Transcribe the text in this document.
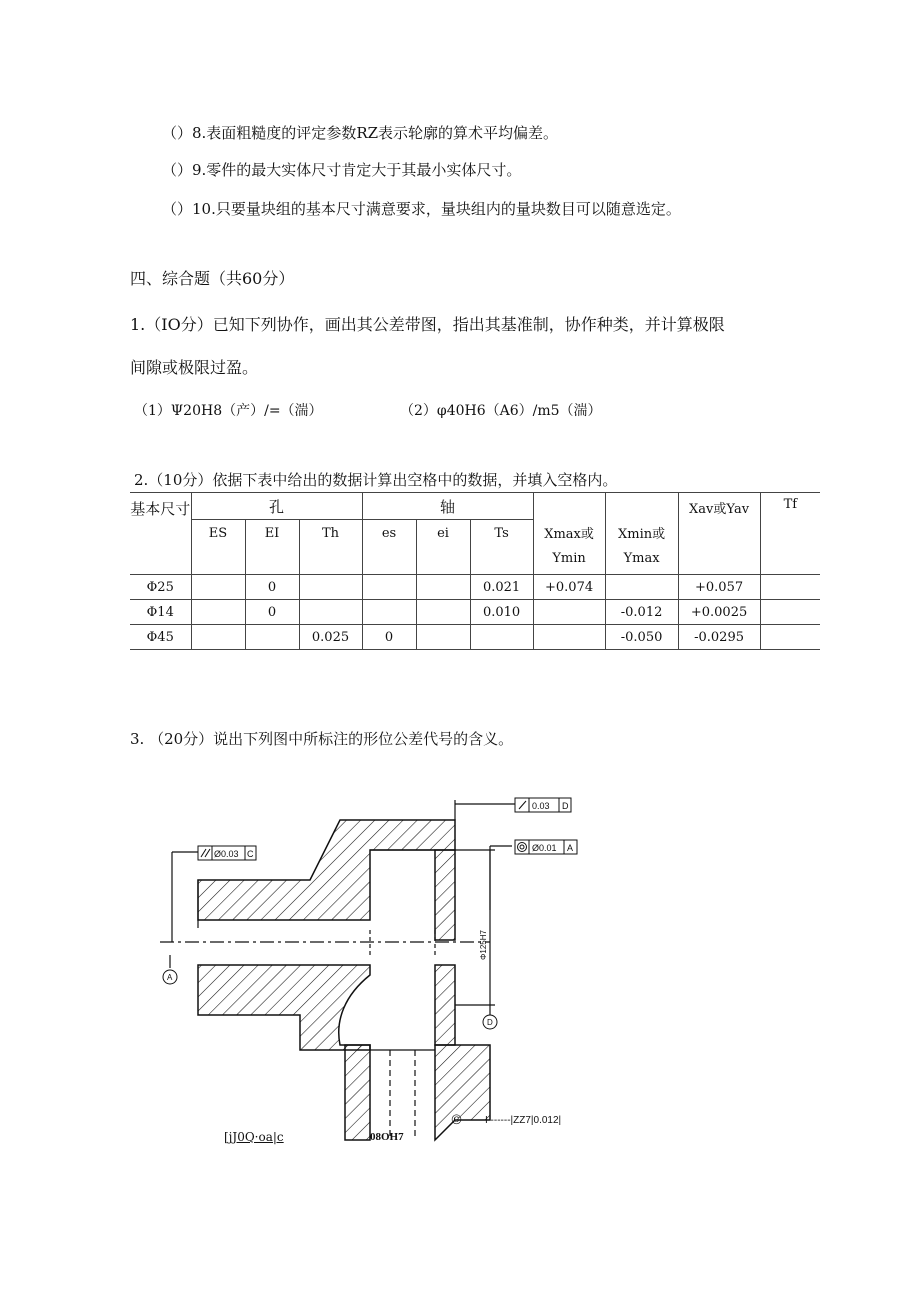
（）8.表面粗糙度的评定参数RZ表示轮廓的算术平均偏差。
（）9.零件的最大实体尺寸肯定大于其最小实体尺寸。
（）10.只要量块组的基本尺寸满意要求，量块组内的量块数目可以随意选定。
四、综合题（共60分）
1.（IO分）已知下列协作，画出其公差带图，指出其基准制，协作种类，并计算极限
间隙或极限过盈。
（1）Ψ20H8（产）/=（湍）	（2）φ40H6（A6）/m5（湍）
2.（10分）依据下表中给出的数据计算出空格中的数据，并填入空格内。
基本尺寸	孔			轴			Xmax或Ymin	Xmin或Ymax	Xav或Yav	Tf
	ES	EI	Th	es	ei	Ts				
Φ25		0				0.021	+0.074		+0.057	
Φ14		0				0.010		-0.012	+0.0025	
Φ45			0.025	0				-0.050	-0.0295	
3. （20分）说出下列图中所标注的形位公差代号的含义。
0.03 D
Ø0.01 A
Ø0.03 C
A
D
Φ125H7
[jJ0Q·oa|c	08OH7
© I ------|ZZ7|0.012|
